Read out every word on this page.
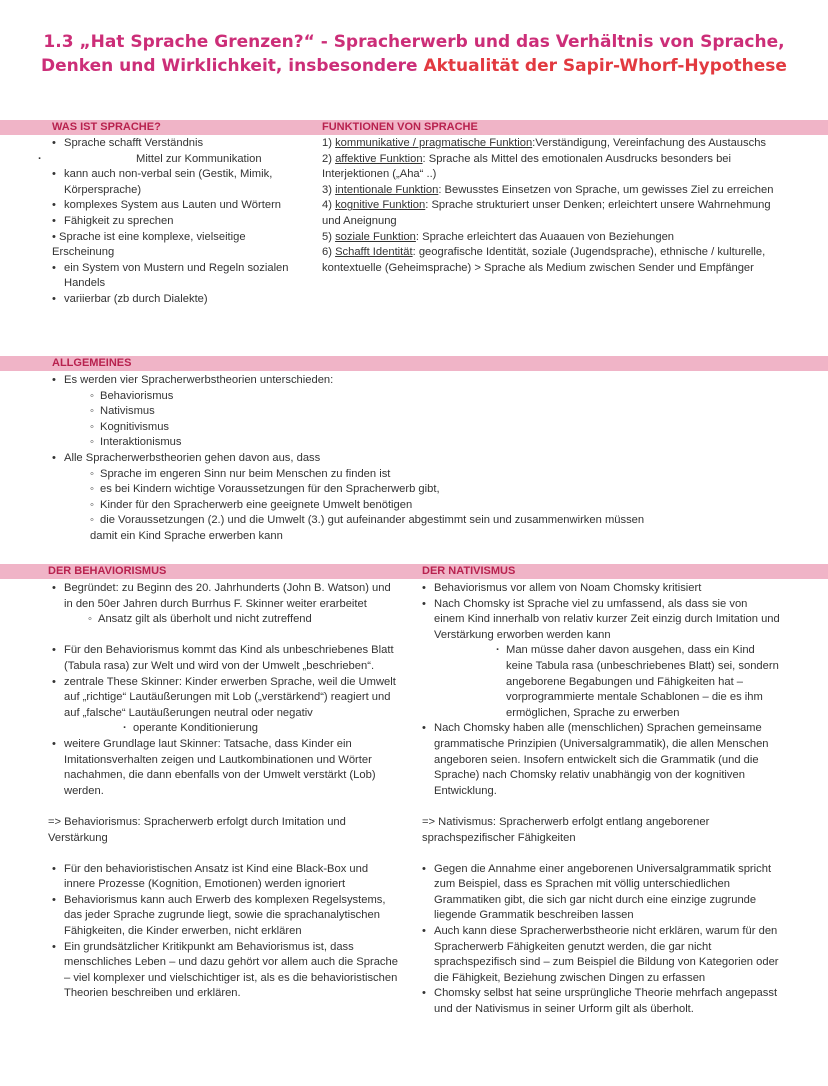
1.3 „Hat Sprache Grenzen?“ - Spracherwerb und das Verhältnis von Sprache,
Denken und Wirklichkeit, insbesondere Aktualität der Sapir-Whorf-Hypothese
WAS IST SPRACHE?	FUNKTIONEN VON SPRACHE

• Sprache schafft Verständnis

· Mittel zur Kommunikation

• kann auch non-verbal sein (Gestik, Mimik, Körpersprache)

• komplexes System aus Lauten und Wörtern

• Fähigkeit zu sprechen

• Sprache ist eine komplexe, vielseitige Erscheinung

• ein System von Mustern und Regeln sozialen Handels

• variierbar (zb durch Dialekte)

1) kommunikative / pragmatische Funktion:Verständigung, Vereinfachung des Austauschs

2) affektive Funktion: Sprache als Mittel des emotionalen Ausdrucks besonders bei Interjektionen („Aha“ ..)

3) intentionale Funktion: Bewusstes Einsetzen von Sprache, um gewisses Ziel zu erreichen

4) kognitive Funktion: Sprache strukturiert unser Denken; erleichtert unsere Wahrnehmung und Aneignung

5) soziale Funktion: Sprache erleichtert das Auaauen von Beziehungen

6) Schafft Identität: geografische Identität, soziale (Jugendsprache), ethnische / kulturelle, kontextuelle (Geheimsprache) > Sprache als Medium zwischen Sender und Empfänger

ALLGEMEINES

• Es werden vier Spracherwerbstheorien unterschieden:

◦ Behaviorismus

◦ Nativismus

◦ Kognitivismus

◦ Interaktionismus

• Alle Spracherwerbstheorien gehen davon aus, dass

◦ Sprache im engeren Sinn nur beim Menschen zu finden ist

◦ es bei Kindern wichtige Voraussetzungen für den Spracherwerb gibt,

◦ Kinder für den Spracherwerb eine geeignete Umwelt benötigen

◦ die Voraussetzungen (2.) und die Umwelt (3.) gut aufeinander abgestimmt sein und zusammenwirken müssen

damit ein Kind Sprache erwerben kann

DER BEHAVIORISMUS	DER NATIVISMUS

• Begründet: zu Beginn des 20. Jahrhunderts (John B. Watson) und in den 50er Jahren durch Burrhus F. Skinner weiter erarbeitet

◦ Ansatz gilt als überholt und nicht zutreffend

• Für den Behaviorismus kommt das Kind als unbeschriebenes Blatt (Tabula rasa) zur Welt und wird von der Umwelt „beschrieben“.

• zentrale These Skinner: Kinder erwerben Sprache, weil die Umwelt auf „richtige“ Lautäußerungen mit Lob („verstärkend“) reagiert und auf „falsche“ Lautäußerungen neutral oder negativ

· operante Konditionierung

• weitere Grundlage laut Skinner: Tatsache, dass Kinder ein Imitationsverhalten zeigen und Lautkombinationen und Wörter nachahmen, die dann ebenfalls von der Umwelt verstärkt (Lob) werden.

=> Behaviorismus: Spracherwerb erfolgt durch Imitation und Verstärkung

• Für den behavioristischen Ansatz ist Kind eine Black-Box und innere Prozesse (Kognition, Emotionen) werden ignoriert

• Behaviorismus kann auch Erwerb des komplexen Regelsystems, das jeder Sprache zugrunde liegt, sowie die sprachanalytischen Fähigkeiten, die Kinder erwerben, nicht erklären

• Ein grundsätzlicher Kritikpunkt am Behaviorismus ist, dass menschliches Leben – und dazu gehört vor allem auch die Sprache – viel komplexer und vielschichtiger ist, als es die behavioristischen Theorien beschreiben und erklären.

• Behaviorismus vor allem von Noam Chomsky kritisiert

• Nach Chomsky ist Sprache viel zu umfassend, als dass sie von einem Kind innerhalb von relativ kurzer Zeit einzig durch Imitation und Verstärkung erworben werden kann

· Man müsse daher davon ausgehen, dass ein Kind keine Tabula rasa (unbeschriebenes Blatt) sei, sondern angeborene Begabungen und Fähigkeiten hat – vorprogrammierte mentale Schablonen – die es ihm ermöglichen, Sprache zu erwerben

• Nach Chomsky haben alle (menschlichen) Sprachen gemeinsame grammatische Prinzipien (Universalgrammatik), die allen Menschen angeboren seien. Insofern entwickelt sich die Grammatik (und die Sprache) nach Chomsky relativ unabhängig von der kognitiven Entwicklung.

=> Nativismus: Spracherwerb erfolgt entlang angeborener sprachspezifischer Fähigkeiten

• Gegen die Annahme einer angeborenen Universalgrammatik spricht zum Beispiel, dass es Sprachen mit völlig unterschiedlichen Grammatiken gibt, die sich gar nicht durch eine einzige zugrunde liegende Grammatik beschreiben lassen

• Auch kann diese Spracherwerbstheorie nicht erklären, warum für den Spracherwerb Fähigkeiten genutzt werden, die gar nicht sprachspezifisch sind – zum Beispiel die Bildung von Kategorien oder die Fähigkeit, Beziehung zwischen Dingen zu erfassen

• Chomsky selbst hat seine ursprüngliche Theorie mehrfach angepasst und der Nativismus in seiner Urform gilt als überholt.
